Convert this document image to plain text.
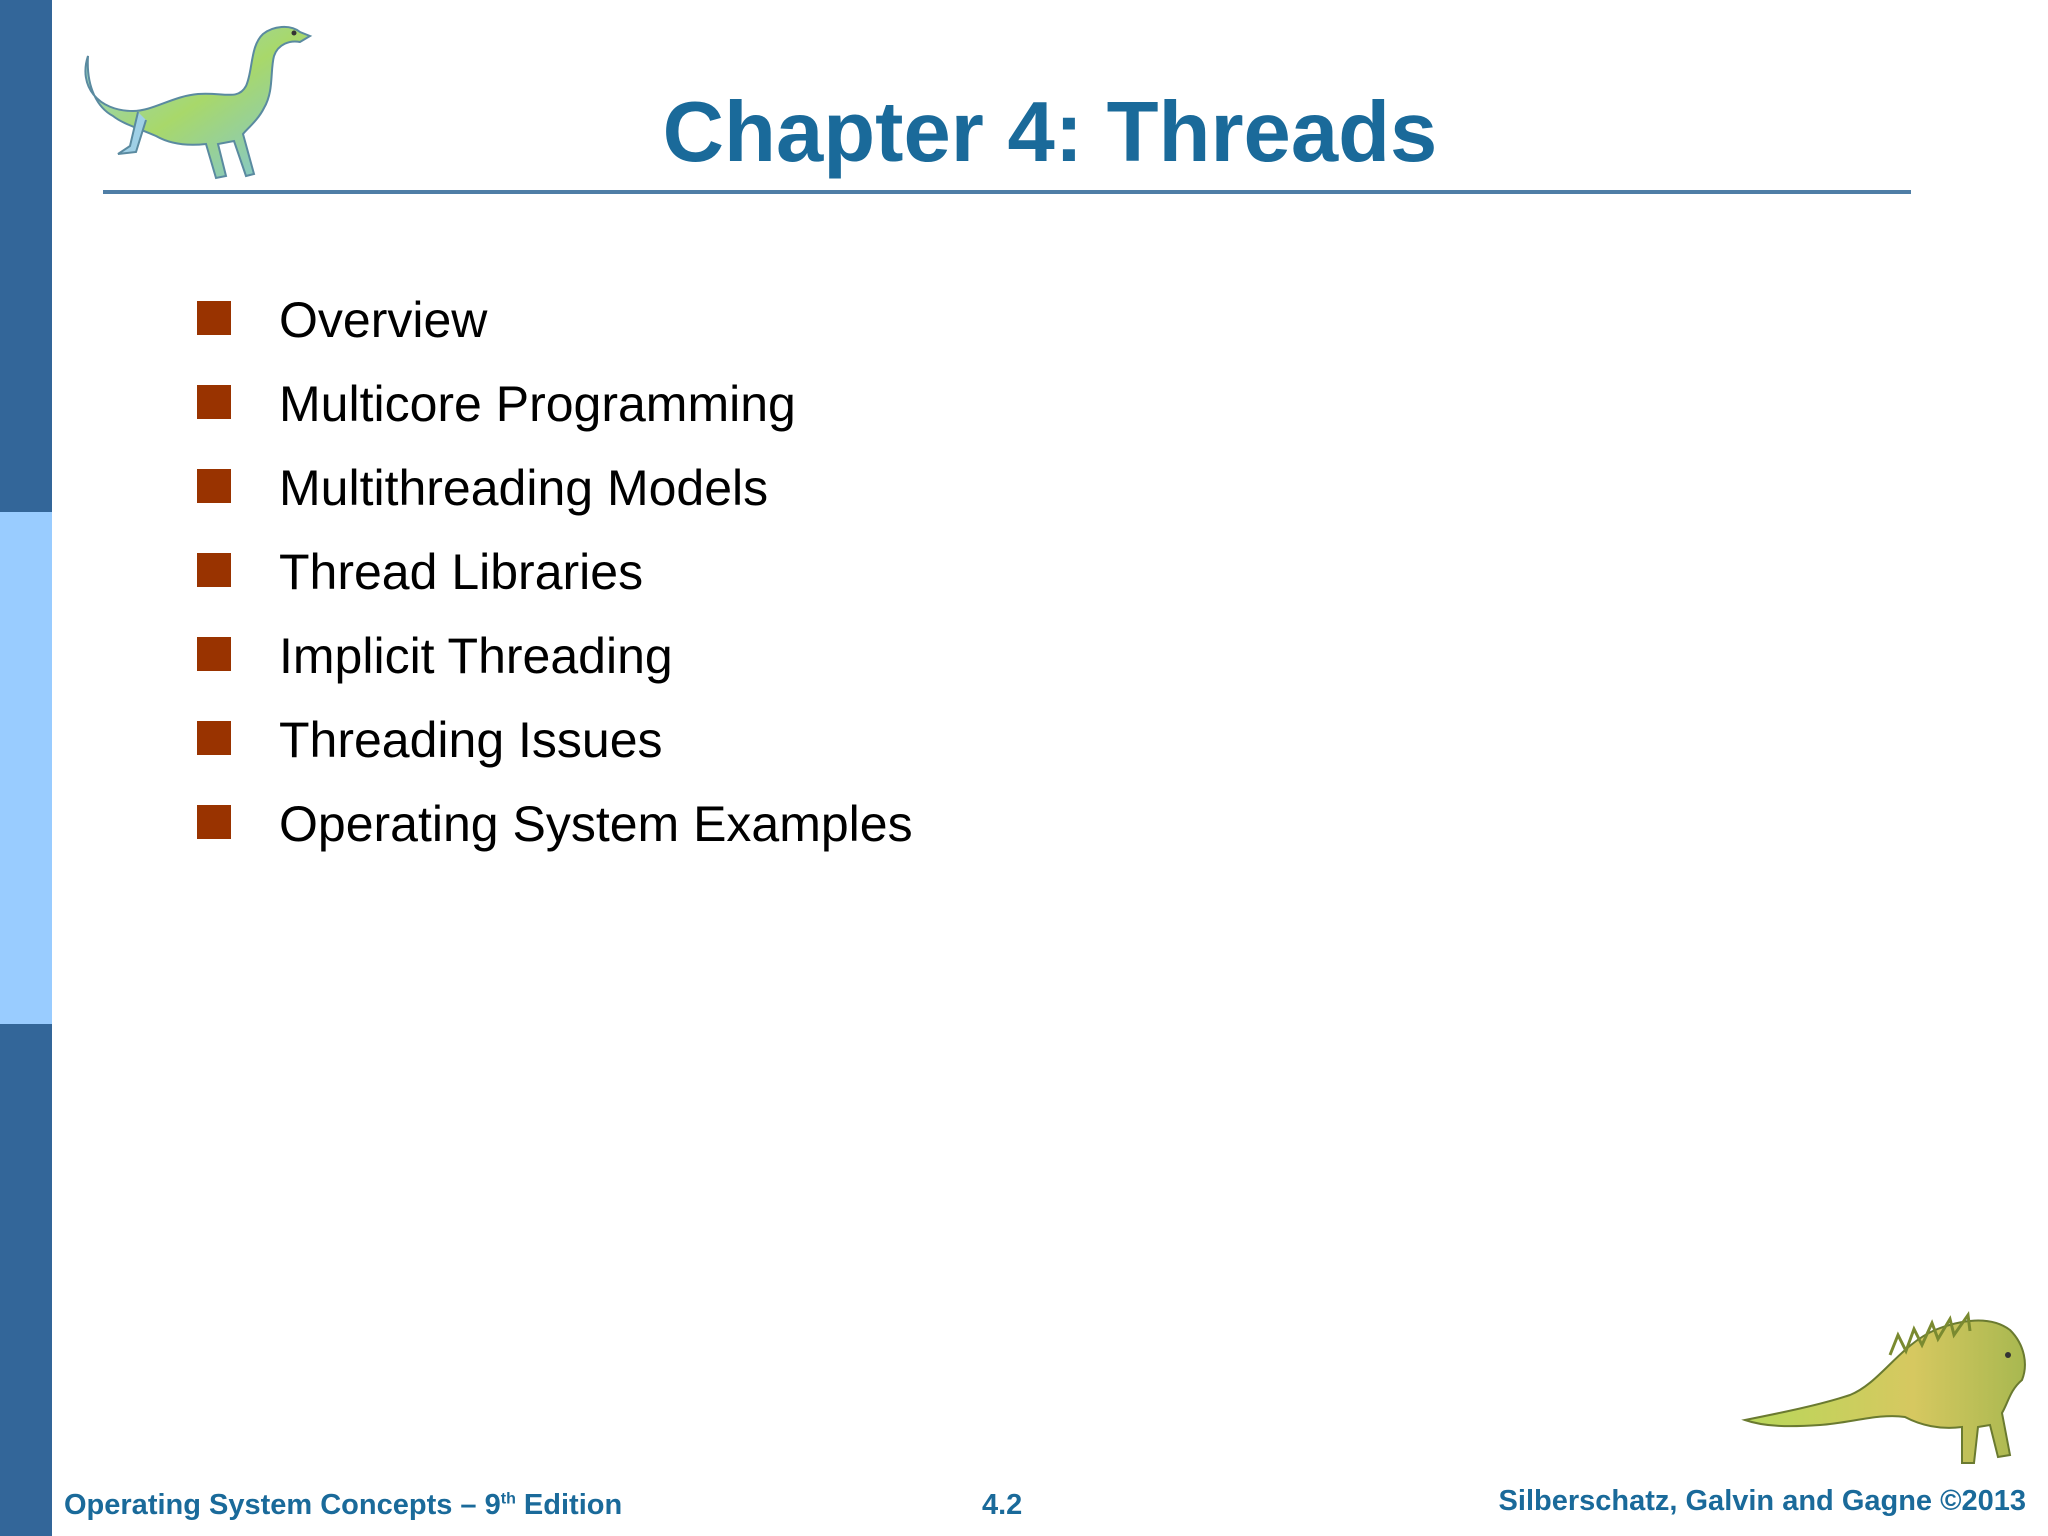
Chapter 4: Threads
Overview
Multicore Programming
Multithreading Models
Thread Libraries
Implicit Threading
Threading Issues
Operating System Examples
Operating System Concepts – 9th Edition	4.2	Silberschatz, Galvin and Gagne ©2013
